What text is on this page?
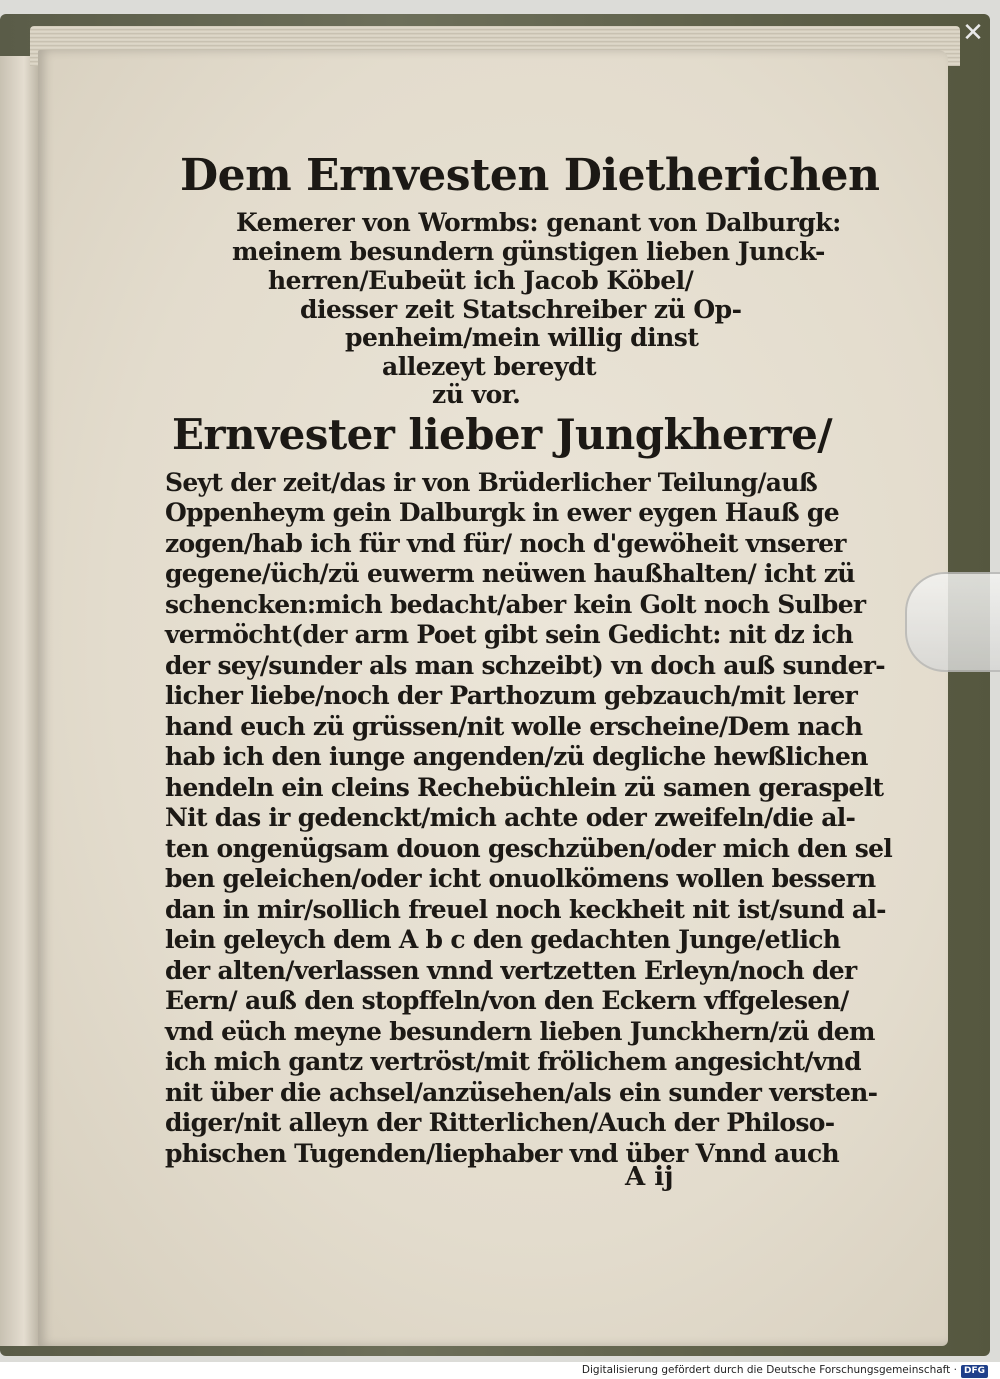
✕
Dem Ernvesten Dietherichen
Kemerer von Wormbs: genant von Dalburgk:
meinem besundern günstigen lieben Junck-
herren/Eubeüt ich Jacob Köbel/
diesser zeit Statschreiber zü Op-
penheim/mein willig dinst
allezeyt bereydt
zü vor.
Ernvester lieber Jungkherre/
Seyt der zeit/das ir von Brüderlicher Teilung/auß
Oppenheym gein Dalburgk in ewer eygen Hauß ge
zogen/hab ich für vnd für/ noch d'gewöheit vnserer
gegene/üch/zü euwerm neüwen haußhalten/ icht zü
schencken:mich bedacht/aber kein Golt noch Sulber
vermöcht(der arm Poet gibt sein Gedicht: nit dz ich
der sey/sunder als man schzeibt) vn doch auß sunder-
licher liebe/noch der Parthozum gebzauch/mit lerer
hand euch zü grüssen/nit wolle erscheine/Dem nach
hab ich den iunge angenden/zü degliche hewßlichen
hendeln ein cleins Rechebüchlein zü samen geraspelt
Nit das ir gedenckt/mich achte oder zweifeln/die al-
ten ongenügsam douon geschzüben/oder mich den sel
ben geleichen/oder icht onuolkömens wollen bessern
dan in mir/sollich freuel noch keckheit nit ist/sund al-
lein geleych dem A b c den gedachten Junge/etlich
der alten/verlassen vnnd vertzetten Erleyn/noch der
Eern/ auß den stopffeln/von den Eckern vffgelesen/
vnd eüch meyne besundern lieben Junckhern/zü dem
ich mich gantz vertröst/mit frölichem angesicht/vnd
nit über die achsel/anzüsehen/als ein sunder versten-
diger/nit alleyn der Ritterlichen/Auch der Philoso-
phischen Tugenden/liephaber vnd über Vnnd auch
A ij
Digitalisierung gefördert durch die Deutsche Forschungsgemeinschaft · DFG
